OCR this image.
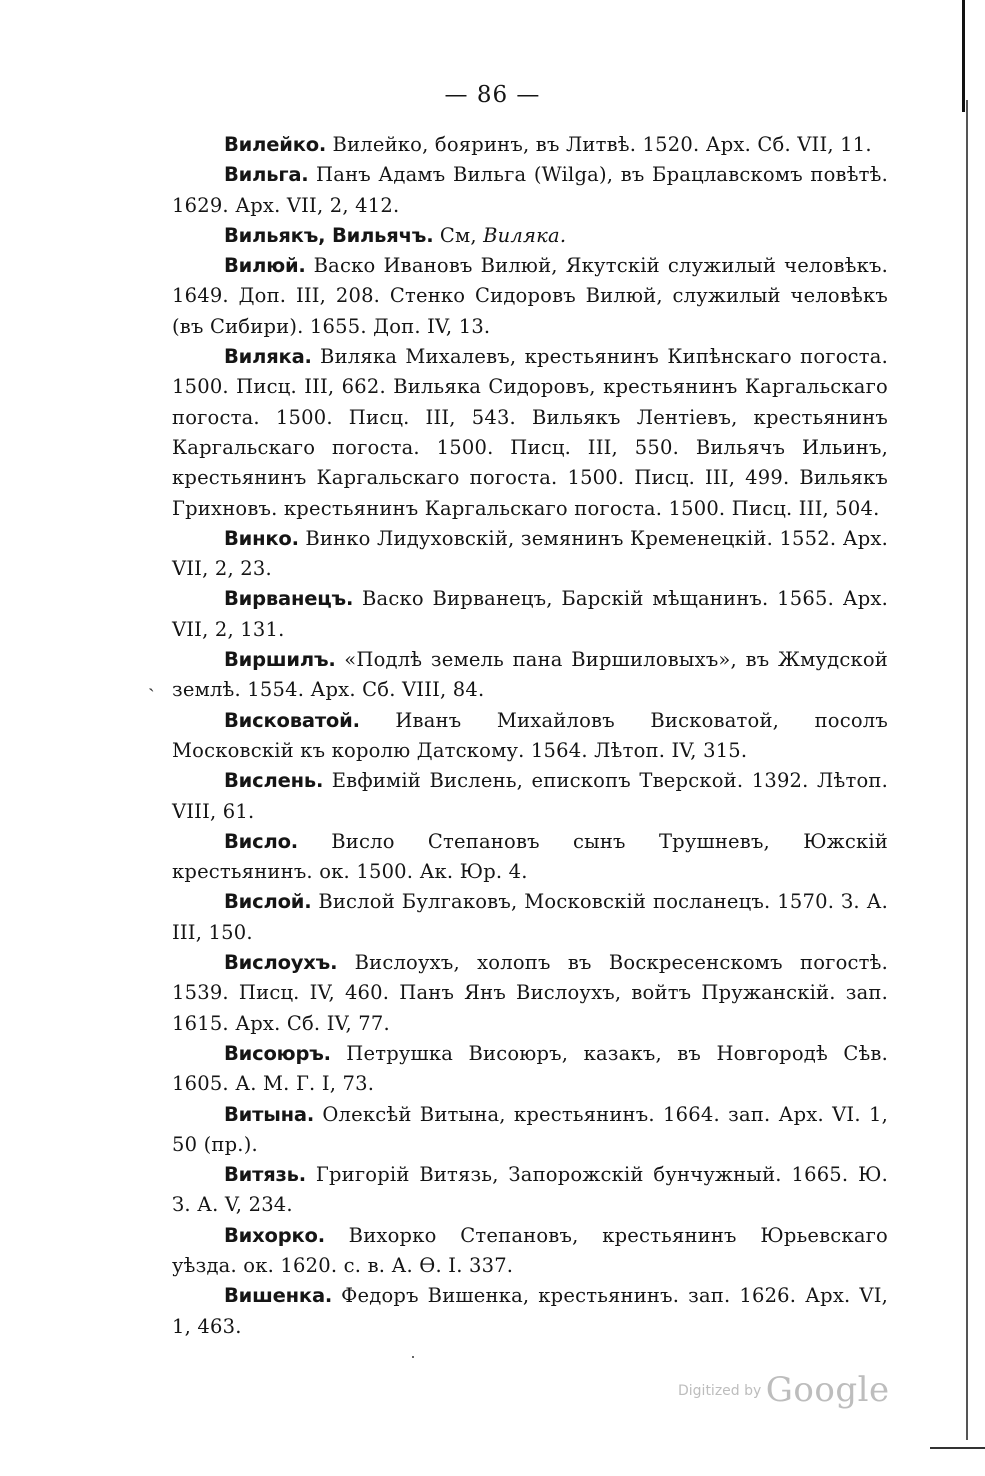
— 86 —

Вилейко. Вилейко, бояринъ, въ Литвѣ. 1520. Арх. Сб. VII, 11.

Вильга. Панъ Адамъ Вильга (Wilga), въ Брацлавскомъ повѣтѣ. 1629. Арх. VII, 2, 412.

Вильякъ, Вильячъ. См, Виляка.

Вилюй. Васко Ивановъ Вилюй, Якутскій служилый человѣкъ. 1649. Доп. III, 208. Стенко Сидоровъ Вилюй, служилый человѣкъ (въ Сибири). 1655. Доп. IV, 13.

Виляка. Виляка Михалевъ, крестьянинъ Кипѣнскаго погоста. 1500. Писц. III, 662. Вильяка Сидоровъ, крестьянинъ Каргальскаго погоста. 1500. Писц. III, 543. Вильякъ Лентіевъ, крестьянинъ Каргальскаго погоста. 1500. Писц. III, 550. Вильячъ Ильинъ, крестьянинъ Каргальскаго погоста. 1500. Писц. III, 499. Вильякъ Грихновъ. крестьянинъ Каргальскаго погоста. 1500. Писц. III, 504.

Винко. Винко Лидуховскій, земянинъ Кременецкій. 1552. Арх. VII, 2, 23.

Вирванецъ. Васко Вирванецъ, Барскій мѣщанинъ. 1565. Арх. VII, 2, 131.

Виршилъ. «Подлѣ земель пана Виршиловыхъ», въ Жмудской землѣ. 1554. Арх. Сб. VIII, 84.

Висковатой. Иванъ Михайловъ Висковатой, посолъ Московскій къ королю Датскому. 1564. Лѣтоп. IV, 315.

Вислень. Евфимій Вислень, епископъ Тверской. 1392. Лѣтоп. VIII, 61.

Висло. Висло Степановъ сынъ Трушневъ, Южскій крестьянинъ. ок. 1500. Ак. Юр. 4.

Вислой. Вислой Булгаковъ, Московскій посланецъ. 1570. З. А. III, 150.

Вислоухъ. Вислоухъ, холопъ въ Воскресенскомъ погостѣ. 1539. Писц. IV, 460. Панъ Янъ Вислоухъ, войтъ Пружанскій. зап. 1615. Арх. Сб. IV, 77.

Висоюръ. Петрушка Висоюръ, казакъ, въ Новгородѣ Сѣв. 1605. А. М. Г. I, 73.

Витына. Олексѣй Витына, крестьянинъ. 1664. зап. Арх. VI. 1, 50 (пр.).

Витязь. Григорій Витязь, Запорожскій бунчужный. 1665. Ю. З. А. V, 234.

Вихорко. Вихорко Степановъ, крестьянинъ Юрьевскаго уѣзда. ок. 1620. с. в. А. Ѳ. I. 337.

Вишенка. Федоръ Вишенка, крестьянинъ. зап. 1626. Арх. VI, 1, 463.

ˏ
Digitized by Google
